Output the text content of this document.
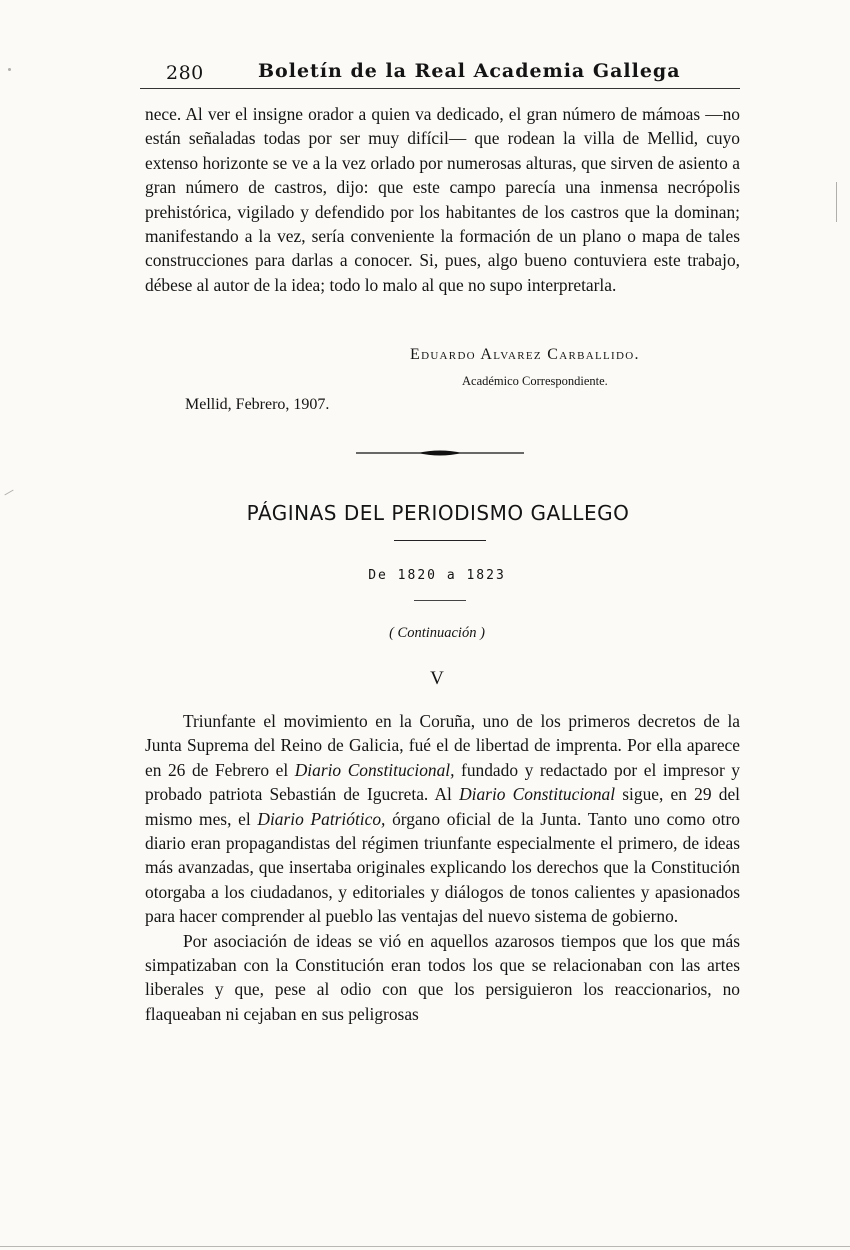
280	Boletín de la Real Academia Gallega
nece. Al ver el insigne orador a quien va dedicado, el gran número de mámoas —no están señaladas todas por ser muy difícil— que rodean la villa de Mellid, cuyo extenso horizonte se ve a la vez orlado por numerosas alturas, que sirven de asiento a gran número de castros, dijo: que este campo parecía una inmensa necrópolis prehistórica, vigilado y defendido por los habitantes de los castros que la dominan; manifestando a la vez, sería conveniente la formación de un plano o mapa de tales construcciones para darlas a conocer. Si, pues, algo bueno contuviera este trabajo, débese al autor de la idea; todo lo malo al que no supo interpretarla.
Eduardo Alvarez Carballido.
Académico Correspondiente.
Mellid, Febrero, 1907.
PÁGINAS DEL PERIODISMO GALLEGO
De 1820 a 1823
( Continuación )
V

Triunfante el movimiento en la Coruña, uno de los primeros decretos de la Junta Suprema del Reino de Galicia, fué el de libertad de imprenta. Por ella aparece en 26 de Febrero el Diario Constitucional, fundado y redactado por el impresor y probado patriota Sebastián de Igucreta. Al Diario Constitucional sigue, en 29 del mismo mes, el Diario Patriótico, órgano oficial de la Junta. Tanto uno como otro diario eran propagandistas del régimen triunfante especialmente el primero, de ideas más avanzadas, que insertaba originales explicando los derechos que la Constitución otorgaba a los ciudadanos, y editoriales y diálogos de tonos calientes y apasionados para hacer comprender al pueblo las ventajas del nuevo sistema de gobierno.

Por asociación de ideas se vió en aquellos azarosos tiempos que los que más simpatizaban con la Constitución eran todos los que se relacionaban con las artes liberales y que, pese al odio con que los persiguieron los reaccionarios, no flaqueaban ni cejaban en sus peligrosas
